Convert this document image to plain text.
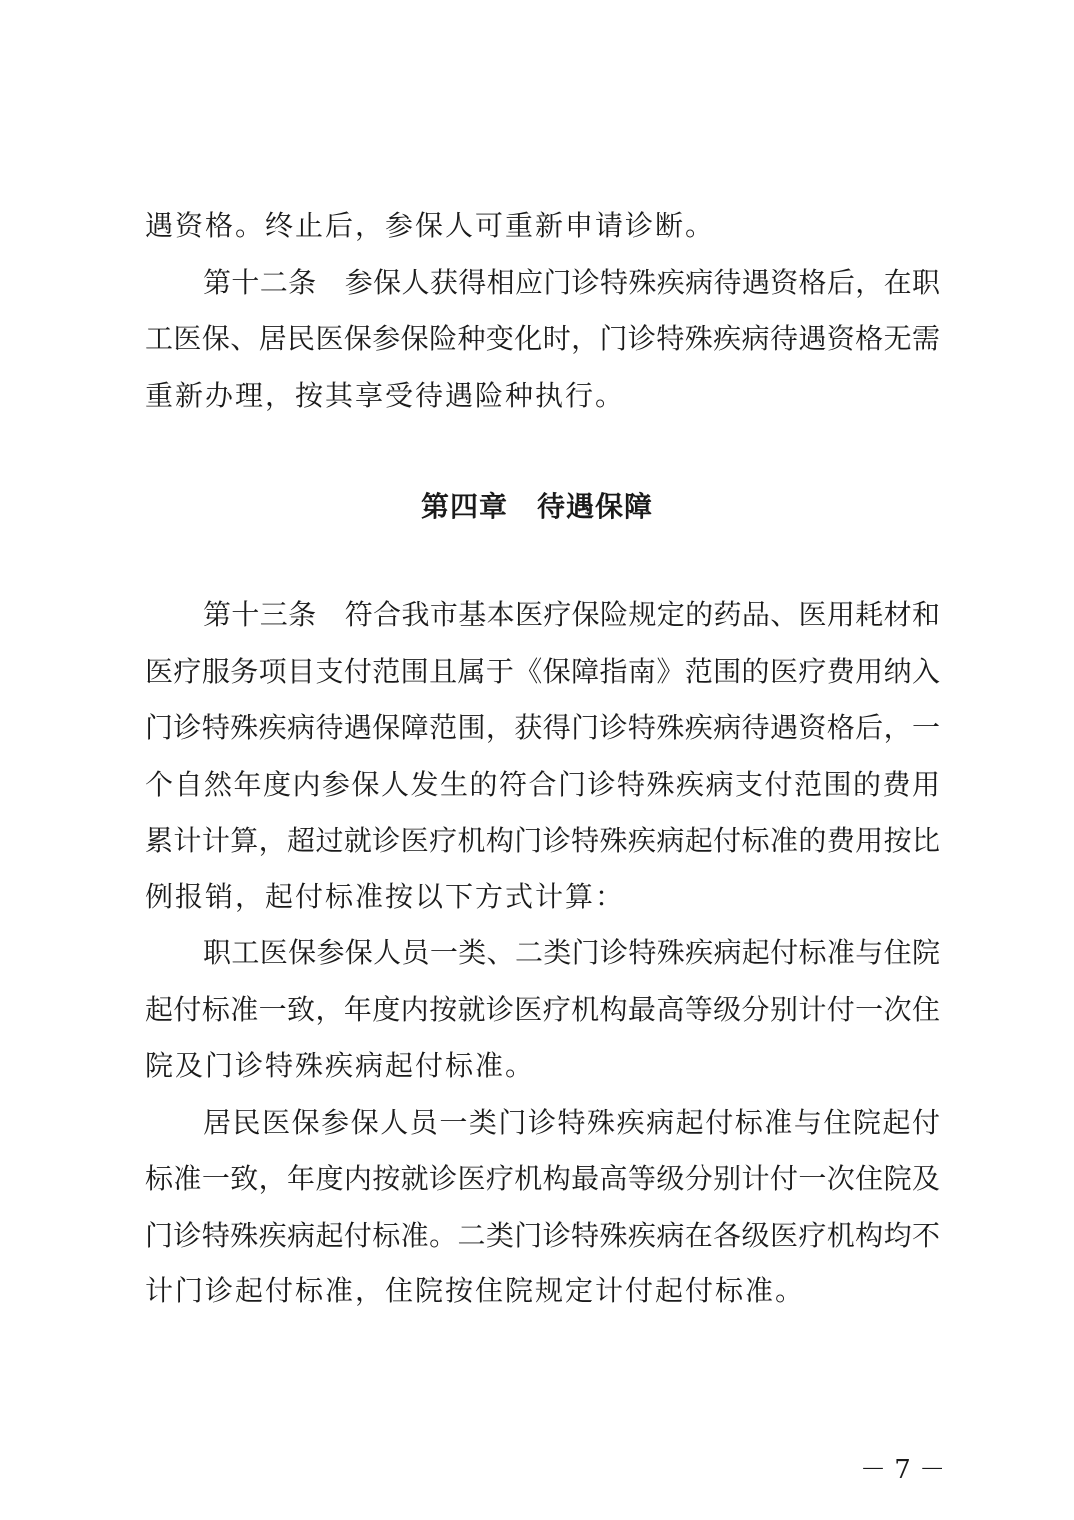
遇资格。终止后，参保人可重新申请诊断。
第十二条　参保人获得相应门诊特殊疾病待遇资格后，在职
工医保、居民医保参保险种变化时，门诊特殊疾病待遇资格无需
重新办理，按其享受待遇险种执行。
第四章　待遇保障
第十三条　符合我市基本医疗保险规定的药品、医用耗材和
医疗服务项目支付范围且属于《保障指南》范围的医疗费用纳入
门诊特殊疾病待遇保障范围，获得门诊特殊疾病待遇资格后，一
个自然年度内参保人发生的符合门诊特殊疾病支付范围的费用
累计计算，超过就诊医疗机构门诊特殊疾病起付标准的费用按比
例报销，起付标准按以下方式计算：
职工医保参保人员一类、二类门诊特殊疾病起付标准与住院
起付标准一致，年度内按就诊医疗机构最高等级分别计付一次住
院及门诊特殊疾病起付标准。
居民医保参保人员一类门诊特殊疾病起付标准与住院起付
标准一致，年度内按就诊医疗机构最高等级分别计付一次住院及
门诊特殊疾病起付标准。二类门诊特殊疾病在各级医疗机构均不
计门诊起付标准，住院按住院规定计付起付标准。
－ 7 －
